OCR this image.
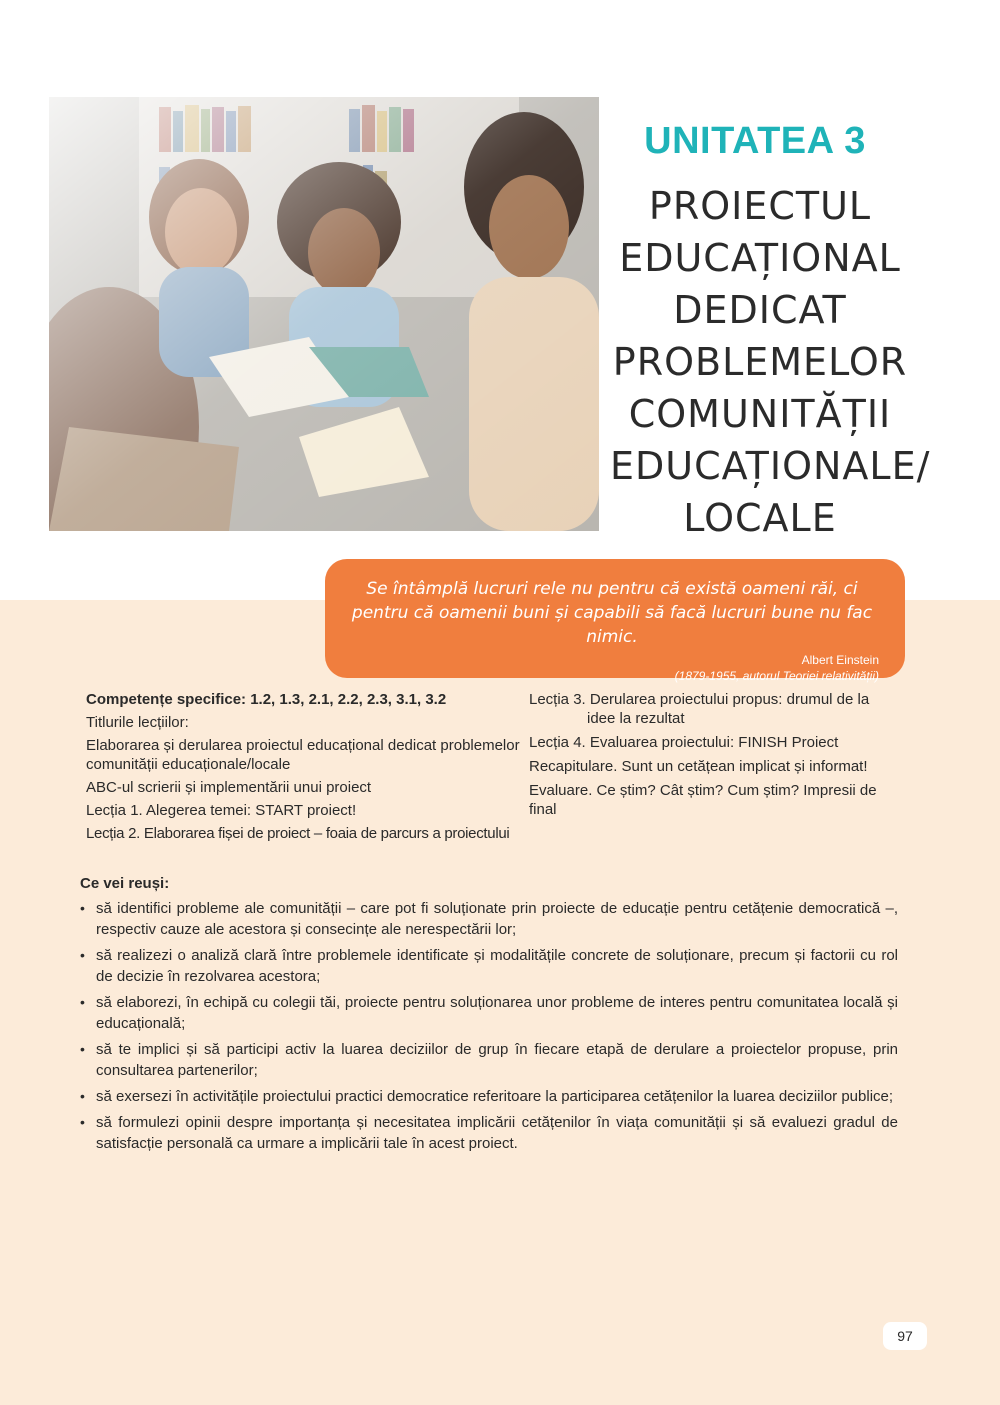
UNITATEA 3
PROIECTUL
EDUCAȚIONAL
DEDICAT
PROBLEMELOR
COMUNITĂȚII
EDUCAȚIONALE/
LOCALE
Se întâmplă lucruri rele nu pentru că există oameni răi, ci pentru că oamenii buni și capabili să facă lucruri bune nu fac nimic.
Albert Einstein
(1879-1955, autorul Teoriei relativității)
Competențe specifice: 1.2, 1.3, 2.1, 2.2, 2.3, 3.1, 3.2
Titlurile lecțiilor:
Elaborarea și derularea proiectul educațional dedicat problemelor comunității educaționale/locale
ABC-ul scrierii și implementării unui proiect
Lecția 1. Alegerea temei: START proiect!
Lecția 2. Elaborarea fișei de proiect – foaia de parcurs a proiectului
Lecția 3. Derularea proiectului propus: drumul de la
idee la rezultat
Lecția 4. Evaluarea proiectului: FINISH Proiect
Recapitulare. Sunt un cetățean implicat și informat!
Evaluare. Ce știm? Cât știm? Cum știm? Impresii de final
Ce vei reuși:
• să identifici probleme ale comunității – care pot fi soluționate prin proiecte de educație pentru cetățenie democratică –, respectiv cauze ale acestora și consecințe ale nerespectării lor;
• să realizezi o analiză clară între problemele identificate și modalitățile concrete de soluționare, precum și factorii cu rol de decizie în rezolvarea acestora;
• să elaborezi, în echipă cu colegii tăi, proiecte pentru soluționarea unor probleme de interes pentru comunitatea locală și educațională;
• să te implici și să participi activ la luarea deciziilor de grup în fiecare etapă de derulare a proiectelor propuse, prin consultarea partenerilor;
• să exersezi în activitățile proiectului practici democratice referitoare la participarea cetățenilor la luarea deciziilor publice;
• să formulezi opinii despre importanța și necesitatea implicării cetățenilor în viața comunității și să evaluezi gradul de satisfacție personală ca urmare a implicării tale în acest proiect.
97
